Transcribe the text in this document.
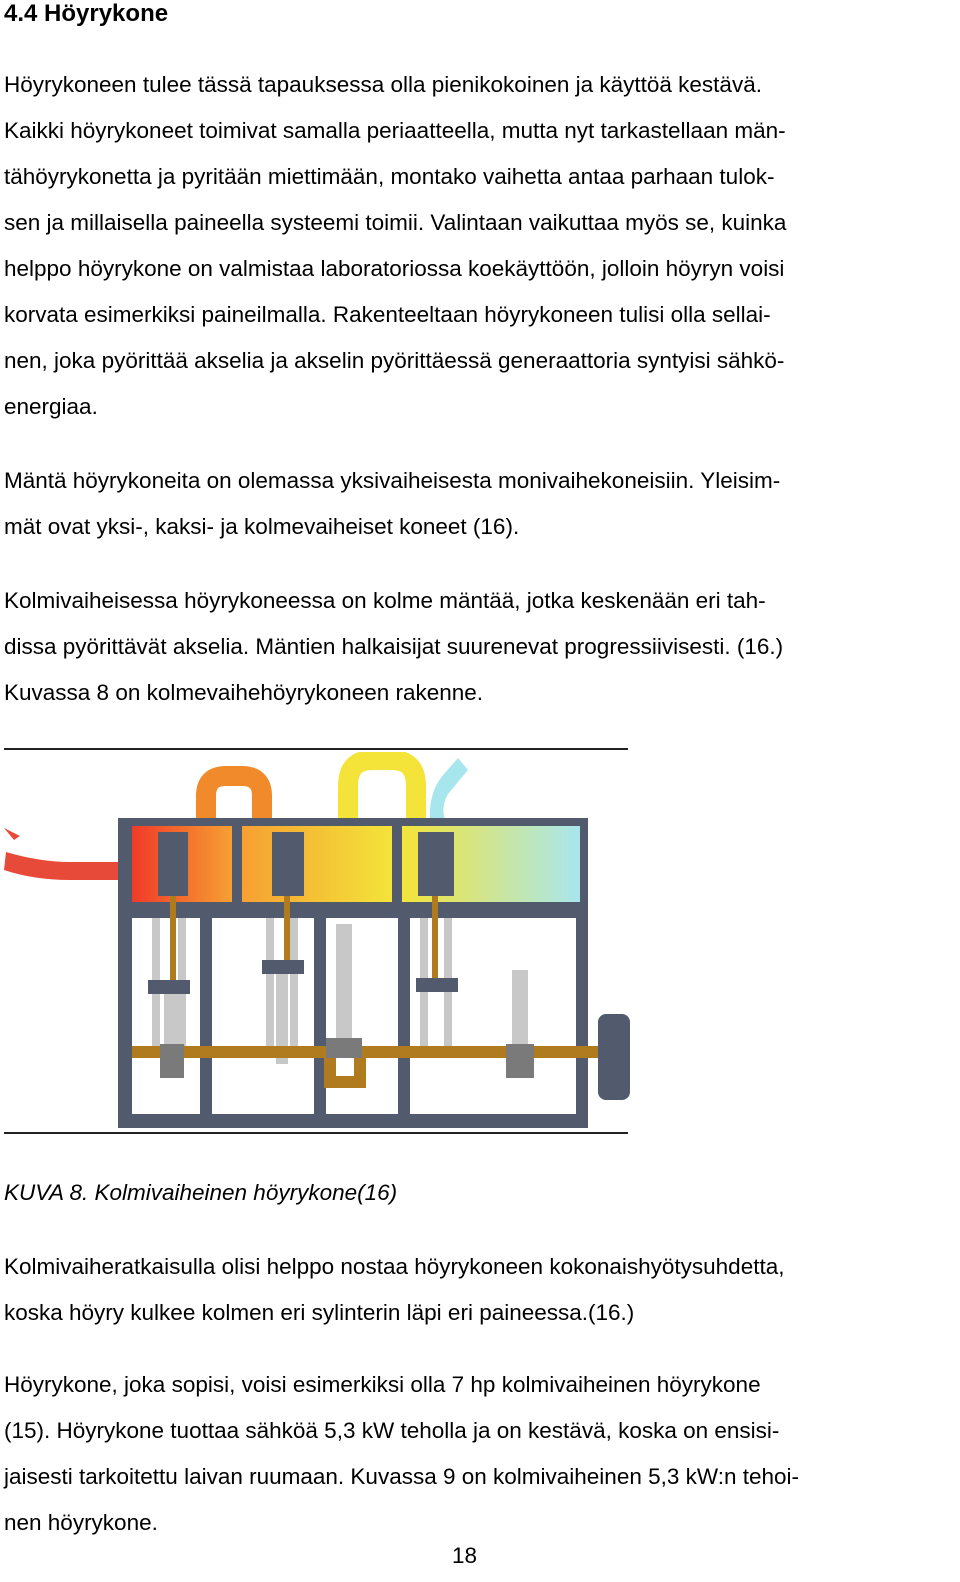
4.4 Höyrykone
Höyrykoneen tulee tässä tapauksessa olla pienikokoinen ja käyttöä kestävä.
Kaikki höyrykoneet toimivat samalla periaatteella, mutta nyt tarkastellaan män-
tähöyrykonetta ja pyritään miettimään, montako vaihetta antaa parhaan tulok-
sen ja millaisella paineella systeemi toimii. Valintaan vaikuttaa myös se, kuinka
helppo höyrykone on valmistaa laboratoriossa koekäyttöön, jolloin höyryn voisi
korvata esimerkiksi paineilmalla. Rakenteeltaan höyrykoneen tulisi olla sellai-
nen, joka pyörittää akselia ja akselin pyörittäessä generaattoria syntyisi sähkö-
energiaa.
Mäntä höyrykoneita on olemassa yksivaiheisesta monivaihekoneisiin. Yleisim-
mät ovat yksi-, kaksi- ja kolmevaiheiset koneet (16).
Kolmivaiheisessa höyrykoneessa on kolme mäntää, jotka keskenään eri tah-
dissa pyörittävät akselia. Mäntien halkaisijat suurenevat progressiivisesti. (16.)
Kuvassa 8 on kolmevaihehöyrykoneen rakenne.
KUVA 8. Kolmivaiheinen höyrykone(16)
Kolmivaiheratkaisulla olisi helppo nostaa höyrykoneen kokonaishyötysuhdetta,
koska höyry kulkee kolmen eri sylinterin läpi eri paineessa.(16.)
Höyrykone, joka sopisi, voisi esimerkiksi olla 7 hp kolmivaiheinen höyrykone
(15). Höyrykone tuottaa sähköä 5,3 kW teholla ja on kestävä, koska on ensisi-
jaisesti tarkoitettu laivan ruumaan. Kuvassa 9 on kolmivaiheinen 5,3 kW:n tehoi-
nen höyrykone.
18
